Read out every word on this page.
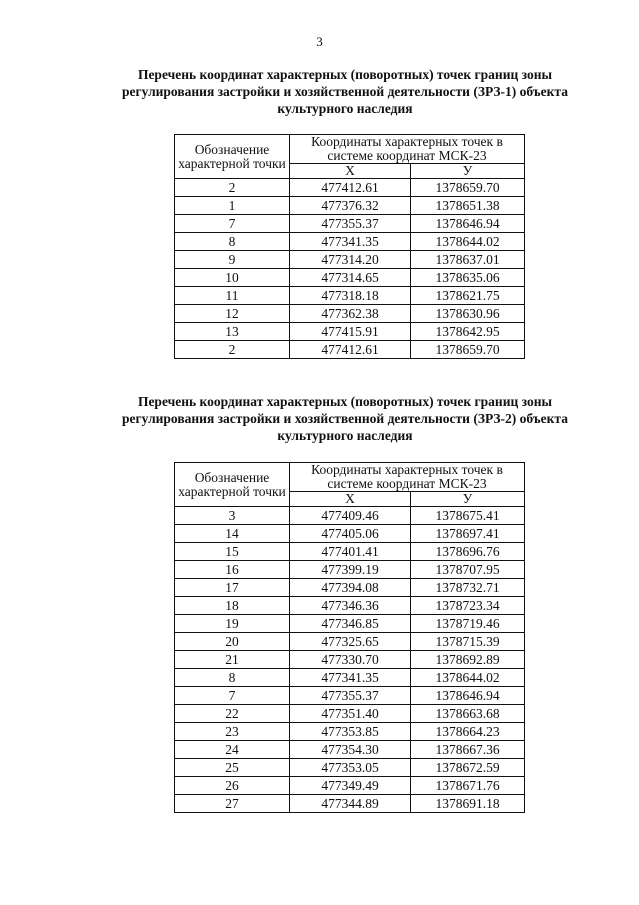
3
Перечень координат характерных (поворотных) точек границ зоны регулирования застройки и хозяйственной деятельности (ЗРЗ-1) объекта культурного наследия
Обозначение характерной точки	Координаты характерных точек в системе координат МСК-23	
	Х	У
2	477412.61	1378659.70
1	477376.32	1378651.38
7	477355.37	1378646.94
8	477341.35	1378644.02
9	477314.20	1378637.01
10	477314.65	1378635.06
11	477318.18	1378621.75
12	477362.38	1378630.96
13	477415.91	1378642.95
2	477412.61	1378659.70
Перечень координат характерных (поворотных) точек границ зоны регулирования застройки и хозяйственной деятельности (ЗРЗ-2) объекта культурного наследия
Обозначение характерной точки	Координаты характерных точек в системе координат МСК-23	
	Х	У
3	477409.46	1378675.41
14	477405.06	1378697.41
15	477401.41	1378696.76
16	477399.19	1378707.95
17	477394.08	1378732.71
18	477346.36	1378723.34
19	477346.85	1378719.46
20	477325.65	1378715.39
21	477330.70	1378692.89
8	477341.35	1378644.02
7	477355.37	1378646.94
22	477351.40	1378663.68
23	477353.85	1378664.23
24	477354.30	1378667.36
25	477353.05	1378672.59
26	477349.49	1378671.76
27	477344.89	1378691.18
